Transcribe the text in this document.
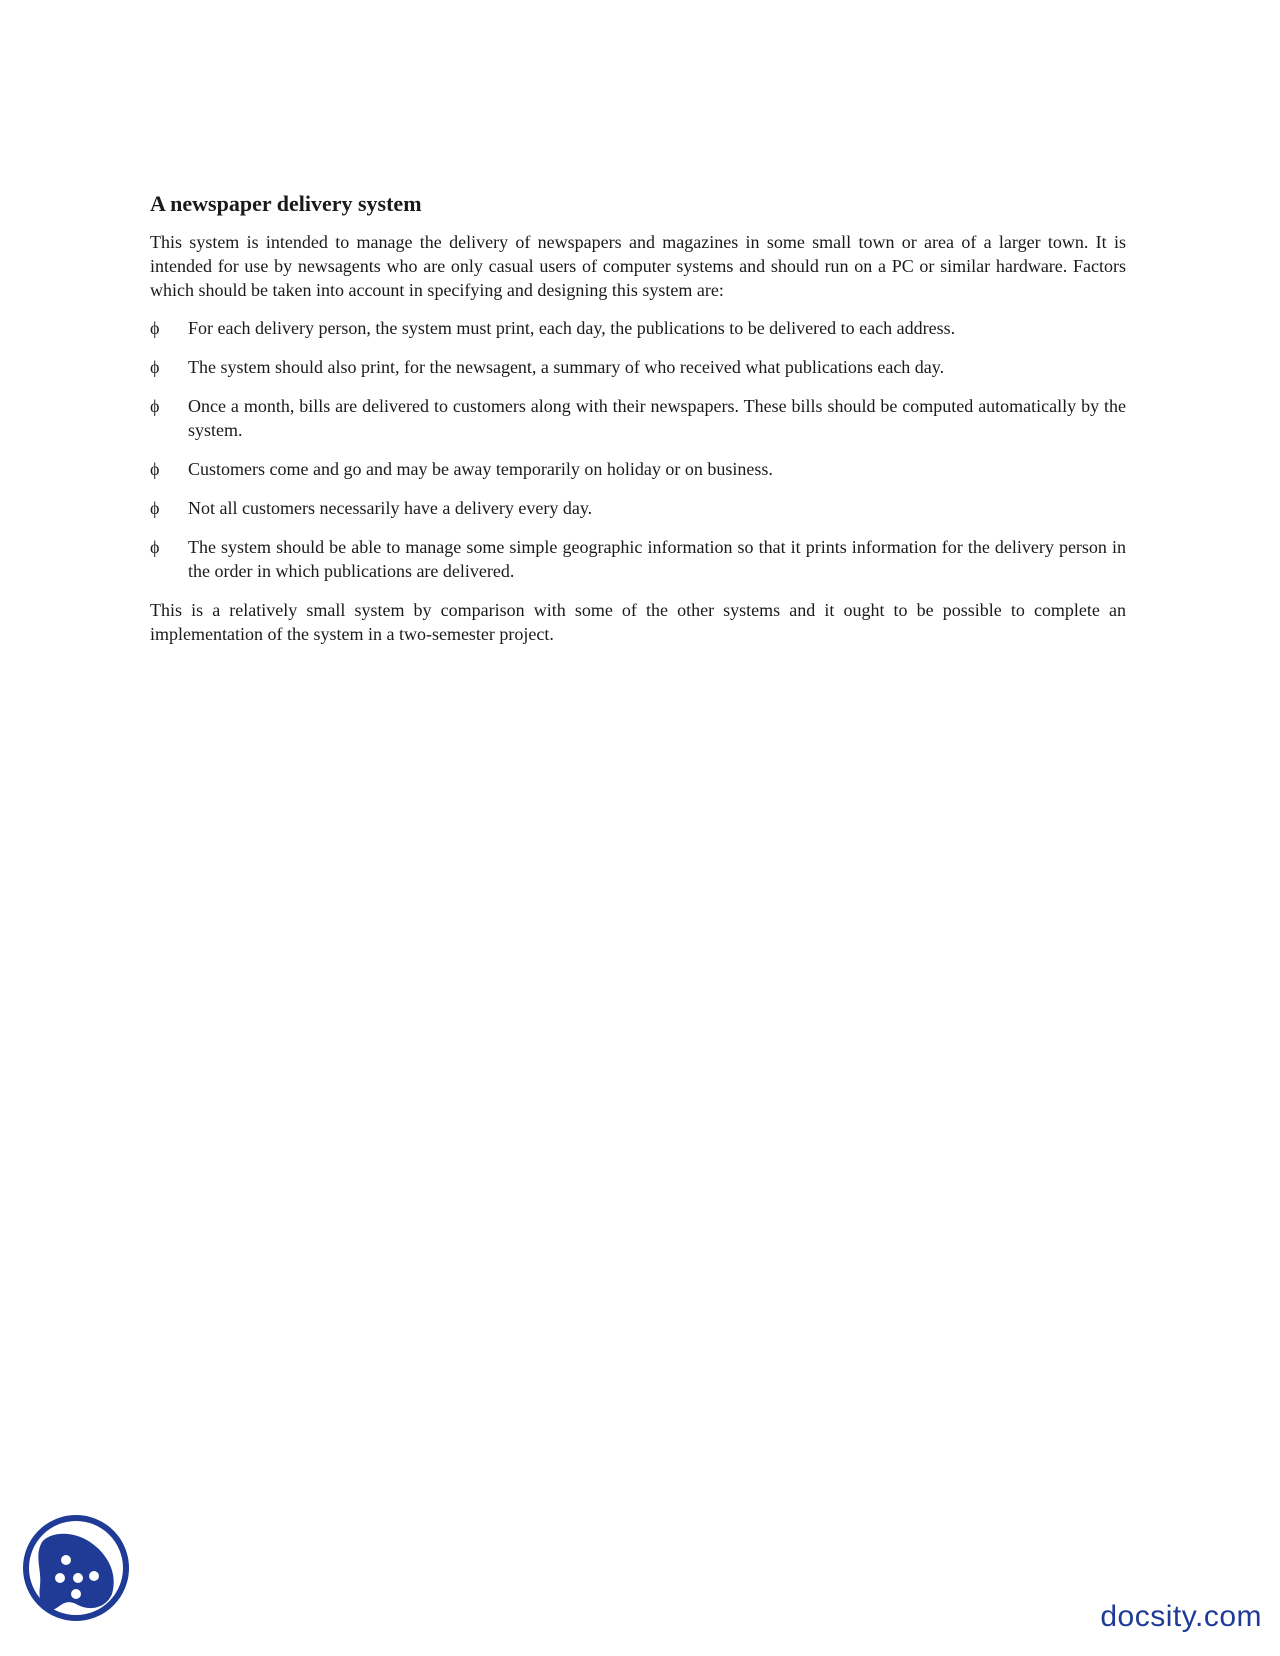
A newspaper delivery system

This system is intended to manage the delivery of newspapers and magazines in some small town or area of a larger town. It is intended for use by newsagents who are only casual users of computer systems and should run on a PC or similar hardware. Factors which should be taken into account in specifying and designing this system are:

ϕ	For each delivery person, the system must print, each day, the publications to be delivered to each address.
ϕ	The system should also print, for the newsagent, a summary of who received what publications each day.
ϕ	Once a month, bills are delivered to customers along with their newspapers. These bills should be computed automatically by the system.
ϕ	Customers come and go and may be away temporarily on holiday or on business.
ϕ	Not all customers necessarily have a delivery every day.
ϕ	The system should be able to manage some simple geographic information so that it prints information for the delivery person in the order in which publications are delivered.

This is a relatively small system by comparison with some of the other systems and it ought to be possible to complete an implementation of the system in a two-semester project.

docsity.com
